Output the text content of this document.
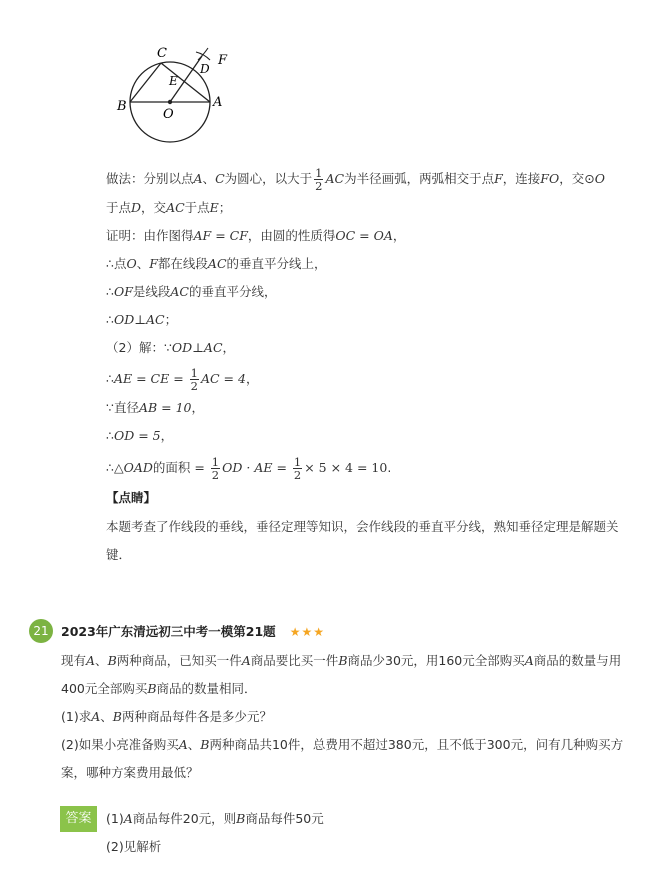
C	F
D
E
B
O
A
做法：分别以点A、C为圆心，以大于 $\frac{1}{2}$ AC为半径画弧，两弧相交于点F，连接FO，交⊙O
于点D，交AC于点E；
证明：由作图得AF = CF，由圆的性质得OC = OA，
∴点O、F都在线段AC的垂直平分线上，
∴OF是线段AC的垂直平分线，
∴OD⊥AC；
（2）解：∵OD⊥AC，
∴AE = CE = $\frac{1}{2}$ AC = 4，
∵直径AB = 10，
∴OD = 5，
∴△OAD的面积 = $\frac{1}{2}$ OD · AE = $\frac{1}{2} \times 5 \times 4 = 10$.
【点睛】
本题考查了作线段的垂线，垂径定理等知识，会作线段的垂直平分线，熟知垂径定理是解题关
键．
21 2023年广东清远初三中考一模第21题 ★★★
现有A、B两种商品，已知买一件A商品要比买一件B商品少30元，用160元全部购买A商品的数量与用
400元全部购买B商品的数量相同．
(1)求A、B两种商品每件各是多少元？
(2)如果小亮准备购买A、B两种商品共10件，总费用不超过380元，且不低于300元，问有几种购买方
案，哪种方案费用最低？
答案	(1)A商品每件20元，则B商品每件50元
(2)见解析
